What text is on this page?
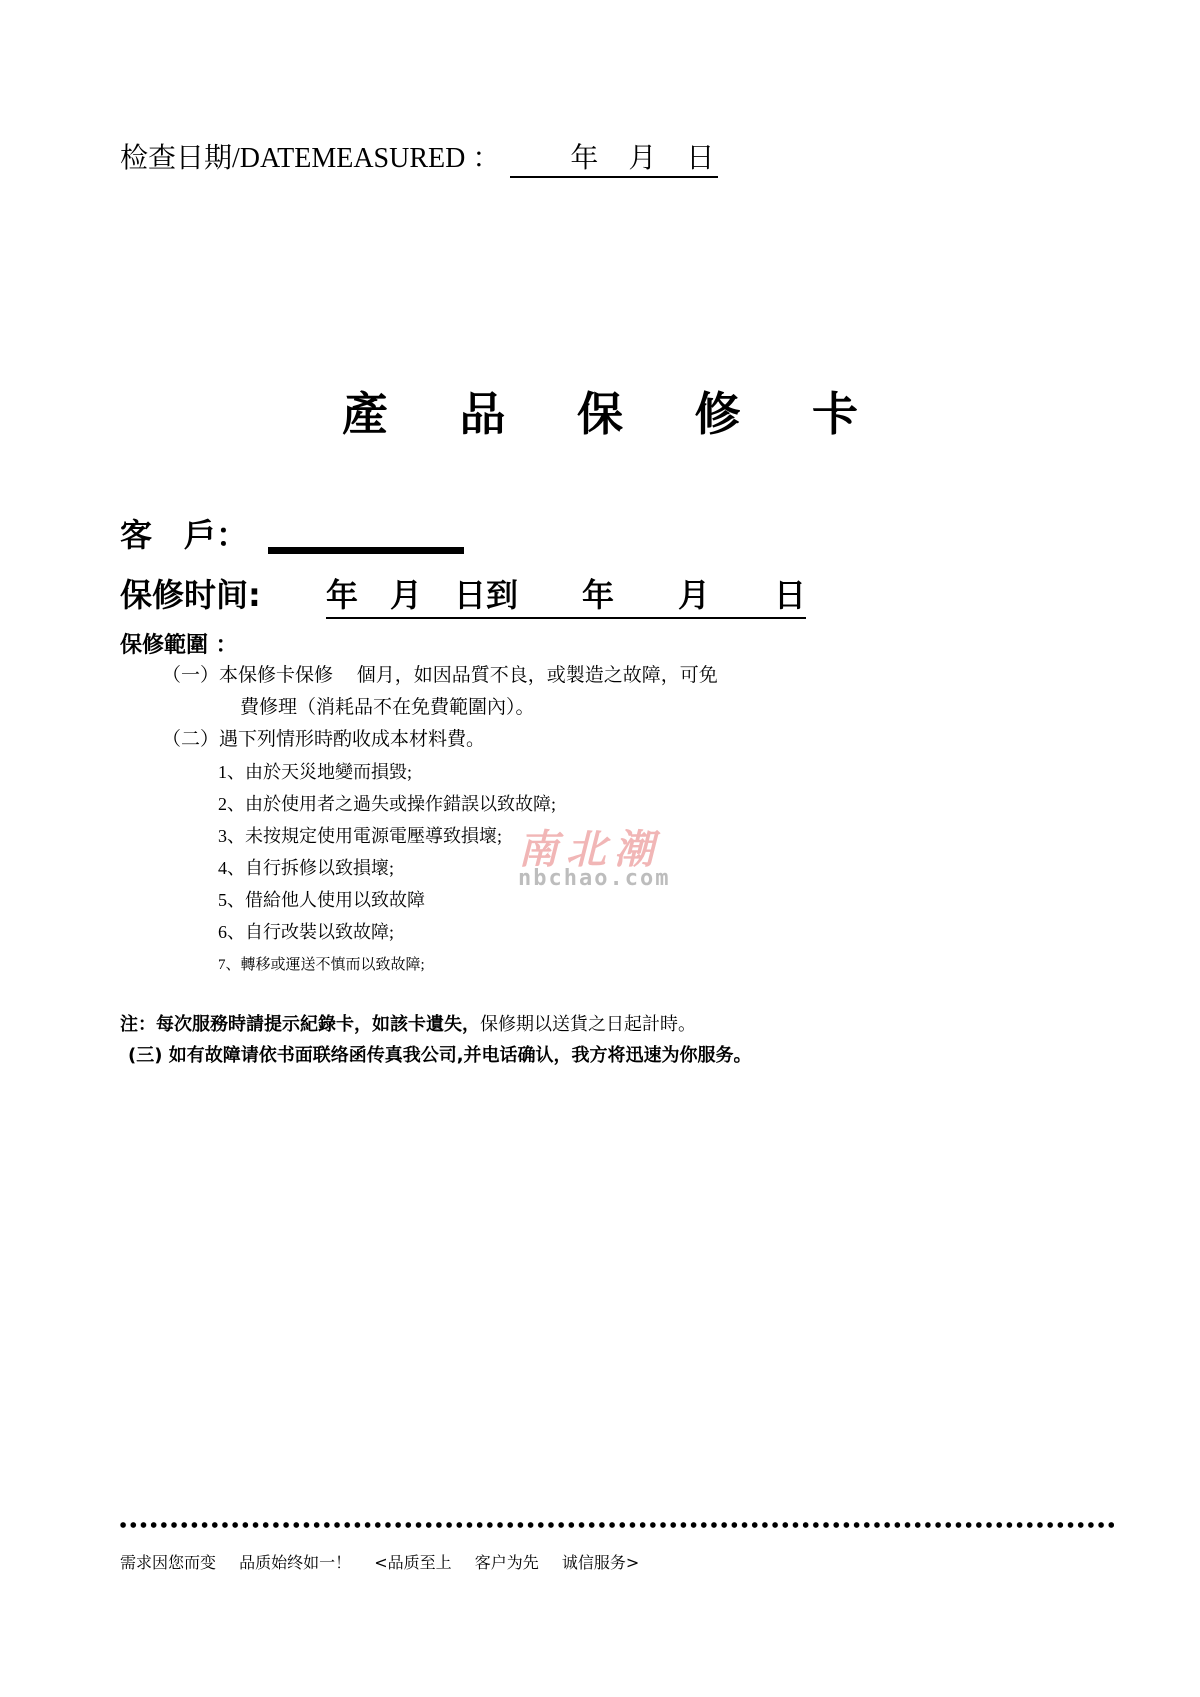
检查日期/DATEMEASURED ：	年 月 日
產 品 保 修 卡
客　戶：
保修时间: 年　月　日到　　年　　月　　日
保修範圍 ：
（一）本保修卡保修　 個月，如因品質不良，或製造之故障，可免
費修理（消耗品不在免費範圍內）。
（二）遇下列情形時酌收成本材料費。
1、由於天災地變而損毀;
2、由於使用者之過失或操作錯誤以致故障;
3、未按規定使用電源電壓導致損壞;
4、自行拆修以致損壞;
5、借給他人使用以致故障
6、自行改裝以致故障;
7、轉移或運送不慎而以致故障;
南北潮
nbchao.com
注：每次服務時請提示紀錄卡，如該卡遺失，保修期以送貨之日起計時。
(三) 如有故障请依书面联络函传真我公司,并电话确认，我方将迅速为你服务。
需求因您而变 品质始终如一！ <品质至上 客户为先 诚信服务>
